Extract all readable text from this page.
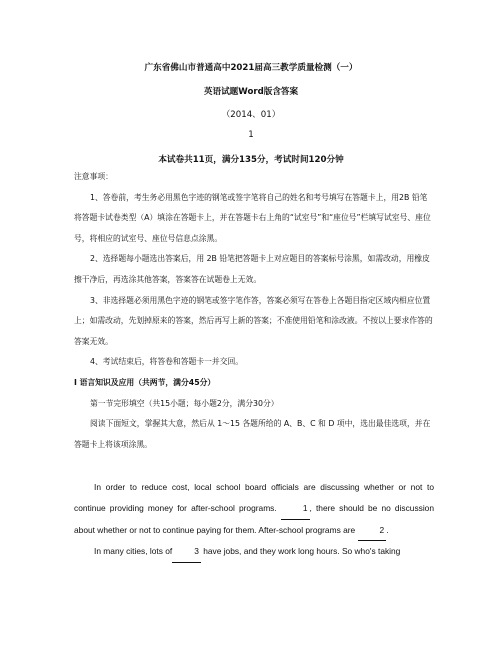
广东省佛山市普通高中2021届高三教学质量检测（一）
英语试题Word版含答案
（2014、01）
1
本试卷共11页，满分135分，考试时间120分钟

注意事项：

1、答卷前，考生务必用黑色字迹的钢笔或签字笔将自己的姓名和考号填写在答题卡上，用2B 铅笔将答题卡试卷类型（A）填涂在答题卡上，并在答题卡右上角的“试室号”和“座位号”栏填写试室号、座位号，将相应的试室号、座位号信息点涂黑。

2、选择题每小题选出答案后，用 2B 铅笔把答题卡上对应题目的答案标号涂黑，如需改动，用橡皮擦干净后，再选涂其他答案，答案答在试题卷上无效。

3、非选择题必须用黑色字迹的钢笔或签字笔作答，答案必须写在答卷上各题目指定区域内相应位置上；如需改动，先划掉原来的答案，然后再写上新的答案；不准使用铅笔和涂改液。不按以上要求作答的答案无效。

4、考试结束后，将答卷和答题卡一并交回。

I 语言知识及应用（共两节，满分45分）

第一节完形填空（共15小题；每小题2分，满分30分）

阅读下面短文，掌握其大意，然后从 1～15 各题所给的 A、B、C 和 D 项中，选出最佳选项，并在答题卡上将该项涂黑。

In order to reduce cost, local school board officials are discussing whether or not to continue providing money for after-school programs.	1 , there should be no discussion about whether or not to continue paying for them. After-school programs are	2 .

In many cities, lots of	3 have jobs, and they work long hours. So who's taking
